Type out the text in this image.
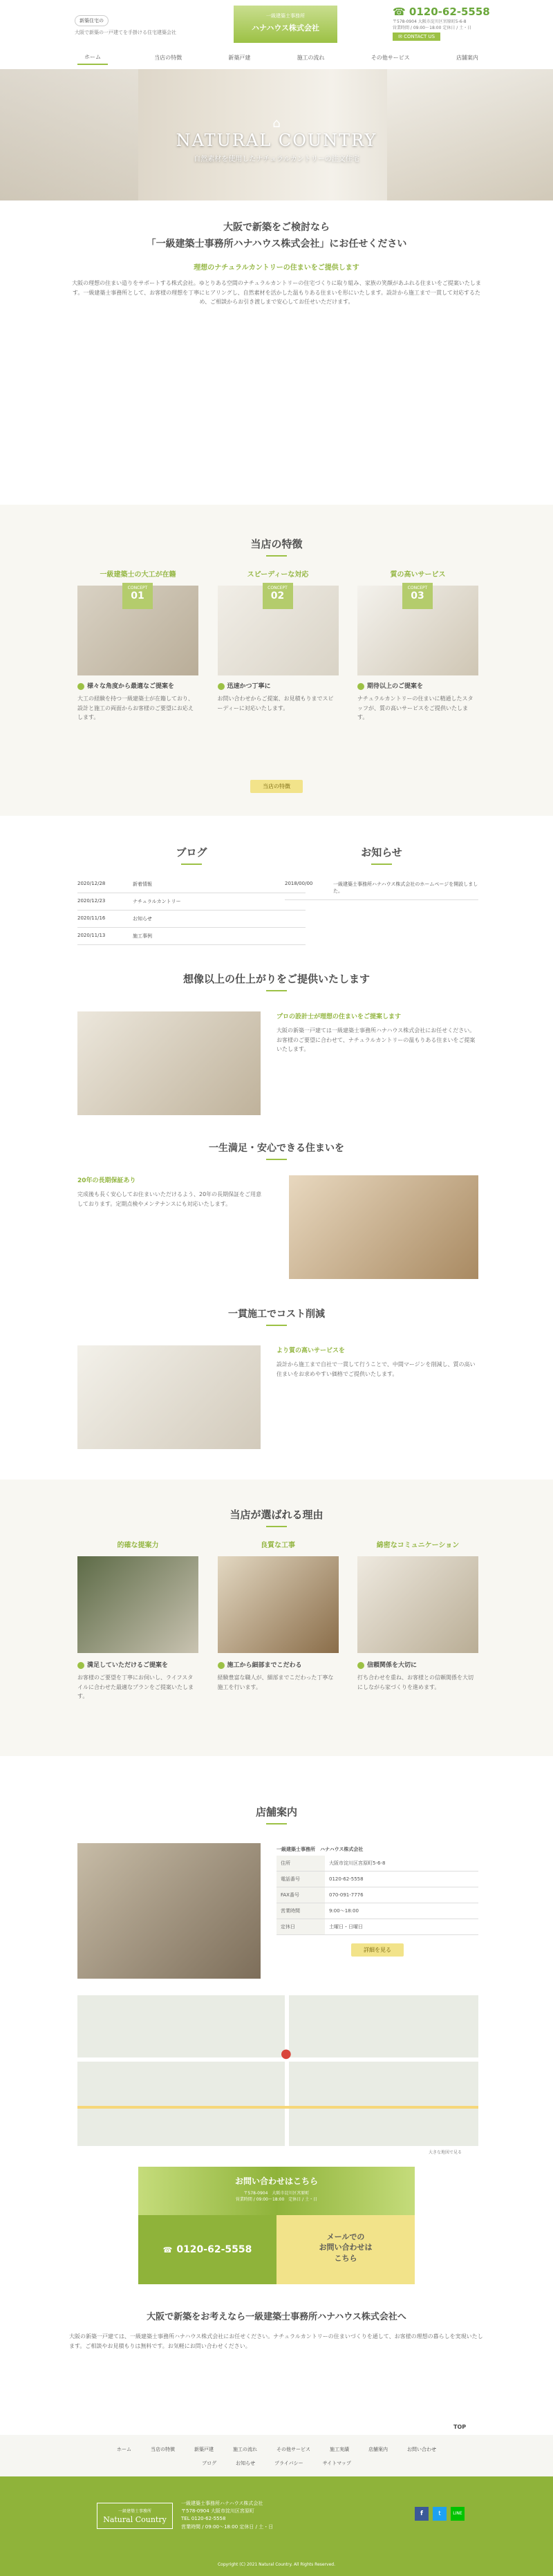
新築住宅の
大阪で新築の一戸建てを手掛ける住宅建築会社
一級建築士事務所
ハナハウス株式会社
☎ 0120-62-5558
〒578-0904 大阪市淀川区宮原町5-6-8
営業時間 / 09:00～18:00 定休日 / 土・日
✉ CONTACT US
ホーム	当店の特徴	新築戸建	施工の流れ	その他サービス	店舗案内
⌂
NATURAL COUNTRY
自然素材を使用したナチュラルカントリーの注文住宅
大阪で新築をご検討なら
「一級建築士事務所ハナハウス株式会社」にお任せください
理想のナチュラルカントリーの住まいをご提供します
大阪の理想の住まい造りをサポートする株式会社。ゆとりある空間のナチュラルカントリーの住宅づくりに取り組み、家族の笑顔があふれる住まいをご提案いたします。一級建築士事務所として、お客様の理想を丁寧にヒアリングし、自然素材を活かした温もりある住まいを形にいたします。設計から施工まで一貫して対応するため、ご相談からお引き渡しまで安心してお任せいただけます。
当店の特徴
一級建築士の大工が在籍
CONCEPT
01
様々な角度から最適なご提案を
大工の経験を持つ一級建築士が在籍しており、設計と施工の両面からお客様のご要望にお応えします。
スピーディーな対応
CONCEPT
02
迅速かつ丁寧に
お問い合わせからご提案、お見積もりまでスピーディーに対応いたします。
質の高いサービス
CONCEPT
03
期待以上のご提案を
ナチュラルカントリーの住まいに精通したスタッフが、質の高いサービスをご提供いたします。
当店の特徴
ブログ
2020/12/28	新着情報
2020/12/23	ナチュラルカントリー
2020/11/16	お知らせ
2020/11/13	施工事例
お知らせ
2018/00/00	一級建築士事務所ハナハウス株式会社のホームページを開設しました。
想像以上の仕上がりをご提供いたします
プロの設計士が理想の住まいをご提案します
大阪の新築一戸建ては一級建築士事務所ハナハウス株式会社にお任せください。お客様のご要望に合わせて、ナチュラルカントリーの温もりある住まいをご提案いたします。
一生満足・安心できる住まいを
20年の長期保証あり
完成後も長く安心してお住まいいただけるよう、20年の長期保証をご用意しております。定期点検やメンテナンスにも対応いたします。
一貫施工でコスト削減
より質の高いサービスを
設計から施工まで自社で一貫して行うことで、中間マージンを削減し、質の高い住まいをお求めやすい価格でご提供いたします。
当店が選ばれる理由
的確な提案力
満足していただけるご提案を
お客様のご要望を丁寧にお伺いし、ライフスタイルに合わせた最適なプランをご提案いたします。
良質な工事
施工から細部までこだわる
経験豊富な職人が、細部までこだわった丁寧な施工を行います。
綿密なコミュニケーション
信頼関係を大切に
打ち合わせを重ね、お客様との信頼関係を大切にしながら家づくりを進めます。
店舗案内
一級建築士事務所　ハナハウス株式会社
住所	大阪市淀川区宮原町5-6-8
電話番号	0120-62-5558
FAX番号	070-091-7776
営業時間	9:00～18:00
定休日	土曜日・日曜日
詳細を見る
●
大きな地図で見る
お問い合わせはこちら
〒578-0904　大阪市淀川区宮原町
営業時間 / 09:00～18:00　定休日 / 土・日
☎ 0120-62-5558
メールでの
お問い合わせは
こちら
大阪で新築をお考えなら一級建築士事務所ハナハウス株式会社へ
大阪の新築一戸建ては、一級建築士事務所ハナハウス株式会社にお任せください。ナチュラルカントリーの住まいづくりを通して、お客様の理想の暮らしを実現いたします。ご相談やお見積もりは無料です。お気軽にお問い合わせください。
TOP
ホーム	当店の特徴	新築戸建	施工の流れ	その他サービス	施工実績	店舗案内	お問い合わせ
ブログ	お知らせ	プライバシー	サイトマップ
一級建築士事務所
Natural Country
一級建築士事務所ハナハウス株式会社
〒578-0904 大阪市淀川区宮原町
TEL 0120-62-5558
営業時間 / 09:00～18:00 定休日 / 土・日
f	t	LINE
Copyright (C) 2021 Natural Country. All Rights Reserved.
